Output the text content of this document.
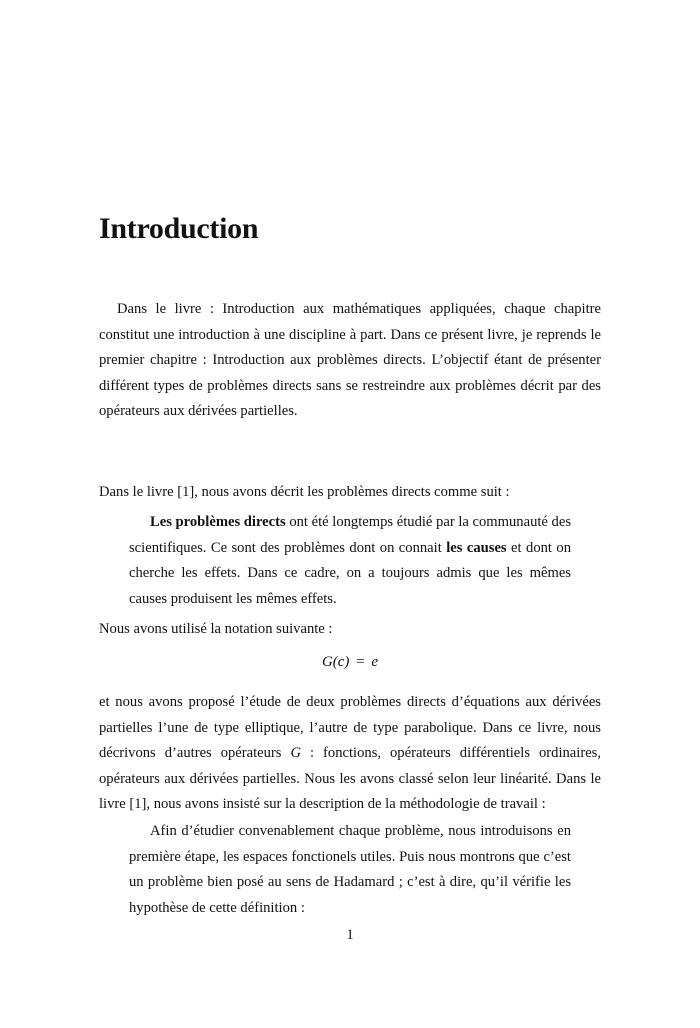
Introduction

Dans le livre : Introduction aux mathématiques appliquées, chaque chapitre constitut une introduction à une discipline à part. Dans ce présent livre, je reprends le premier chapitre : Introduction aux problèmes directs. L’objectif étant de présenter différent types de problèmes directs sans se restreindre aux problèmes décrit par des opérateurs aux dérivées partielles.

Dans le livre [1], nous avons décrit les problèmes directs comme suit :

Les problèmes directs ont été longtemps étudié par la communauté des scientifiques. Ce sont des problèmes dont on connait les causes et dont on cherche les effets. Dans ce cadre, on a toujours admis que les mêmes causes produisent les mêmes effets.

Nous avons utilisé la notation suivante :

G(c) = e

et nous avons proposé l’étude de deux problèmes directs d’équations aux dérivées partielles l’une de type elliptique, l’autre de type parabolique. Dans ce livre, nous décrivons d’autres opérateurs G : fonctions, opérateurs différentiels ordinaires, opérateurs aux dérivées partielles. Nous les avons classé selon leur linéarité. Dans le livre [1], nous avons insisté sur la description de la méthodologie de travail :

Afin d’étudier convenablement chaque problème, nous introduisons en première étape, les espaces fonctionels utiles. Puis nous montrons que c’est un problème bien posé au sens de Hadamard ; c’est à dire, qu’il vérifie les hypothèse de cette définition :

1
